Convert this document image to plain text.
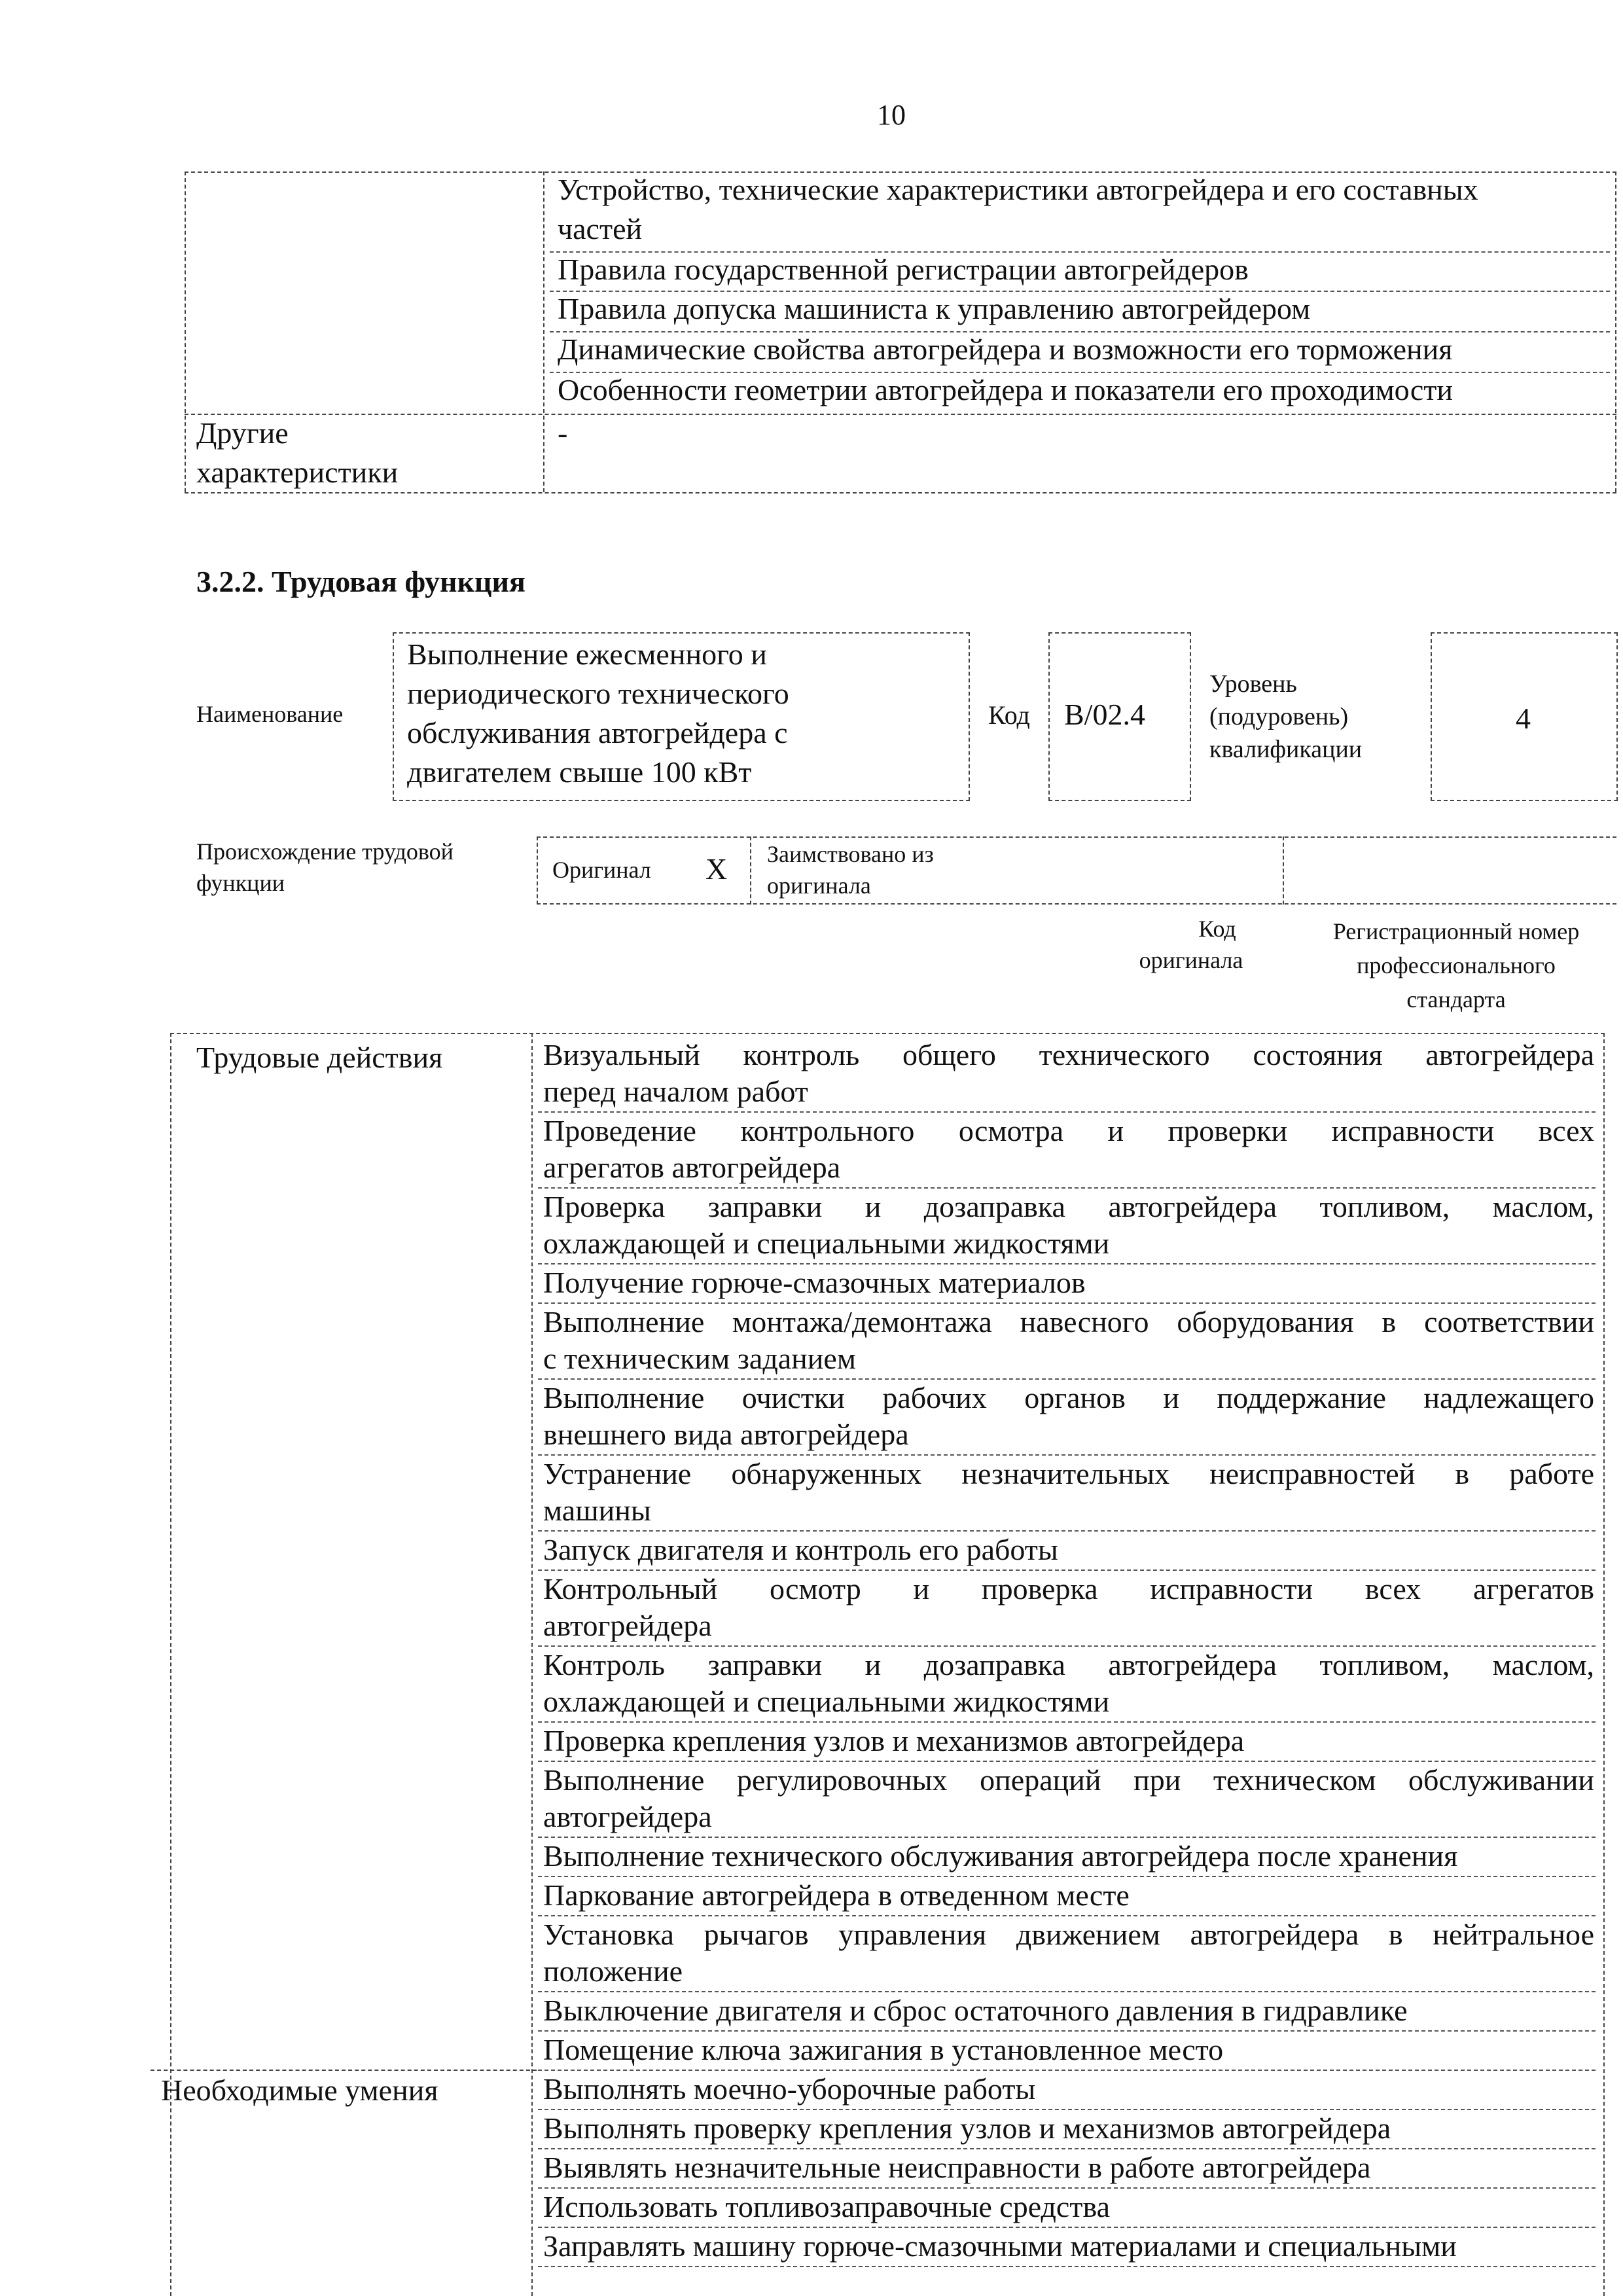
10
Устройство, технические характеристики автогрейдера и его составных
частей
Правила государственной регистрации автогрейдеров
Правила допуска машиниста к управлению автогрейдером
Динамические свойства автогрейдера и возможности его торможения
Особенности геометрии автогрейдера и показатели его проходимости
Другие
характеристики
-
3.2.2. Трудовая функция
Наименование
Выполнение ежесменного и
периодического технического
обслуживания автогрейдера с
двигателем свыше 100 кВт
Код B/02.4
Уровень
(подуровень)
квалификации
4
Происхождение трудовой
функции	Оригинал X Заимствовано из
оригинала
Код
оригинала
Регистрационный номер
профессионального
стандарта
Трудовые действия
Необходимые умения
Визуальный контроль общего технического состояния автогрейдера
перед началом работ
Проведение контрольного осмотра и проверки исправности всех
агрегатов автогрейдера
Проверка заправки и дозаправка автогрейдера топливом, маслом,
охлаждающей и специальными жидкостями
Получение горюче-смазочных материалов
Выполнение монтажа/демонтажа навесного оборудования в соответствии
с техническим заданием
Выполнение очистки рабочих органов и поддержание надлежащего
внешнего вида автогрейдера
Устранение обнаруженных незначительных неисправностей в работе
машины
Запуск двигателя и контроль его работы
Контрольный осмотр и проверка исправности всех агрегатов
автогрейдера
Контроль заправки и дозаправка автогрейдера топливом, маслом,
охлаждающей и специальными жидкостями
Проверка крепления узлов и механизмов автогрейдера
Выполнение регулировочных операций при техническом обслуживании
автогрейдера
Выполнение технического обслуживания автогрейдера после хранения
Паркование автогрейдера в отведенном месте
Установка рычагов управления движением автогрейдера в нейтральное
положение
Выключение двигателя и сброс остаточного давления в гидравлике
Помещение ключа зажигания в установленное место
Выполнять моечно-уборочные работы
Выполнять проверку крепления узлов и механизмов автогрейдера
Выявлять незначительные неисправности в работе автогрейдера
Использовать топливозаправочные средства
Заправлять машину горюче-смазочными материалами и специальными
